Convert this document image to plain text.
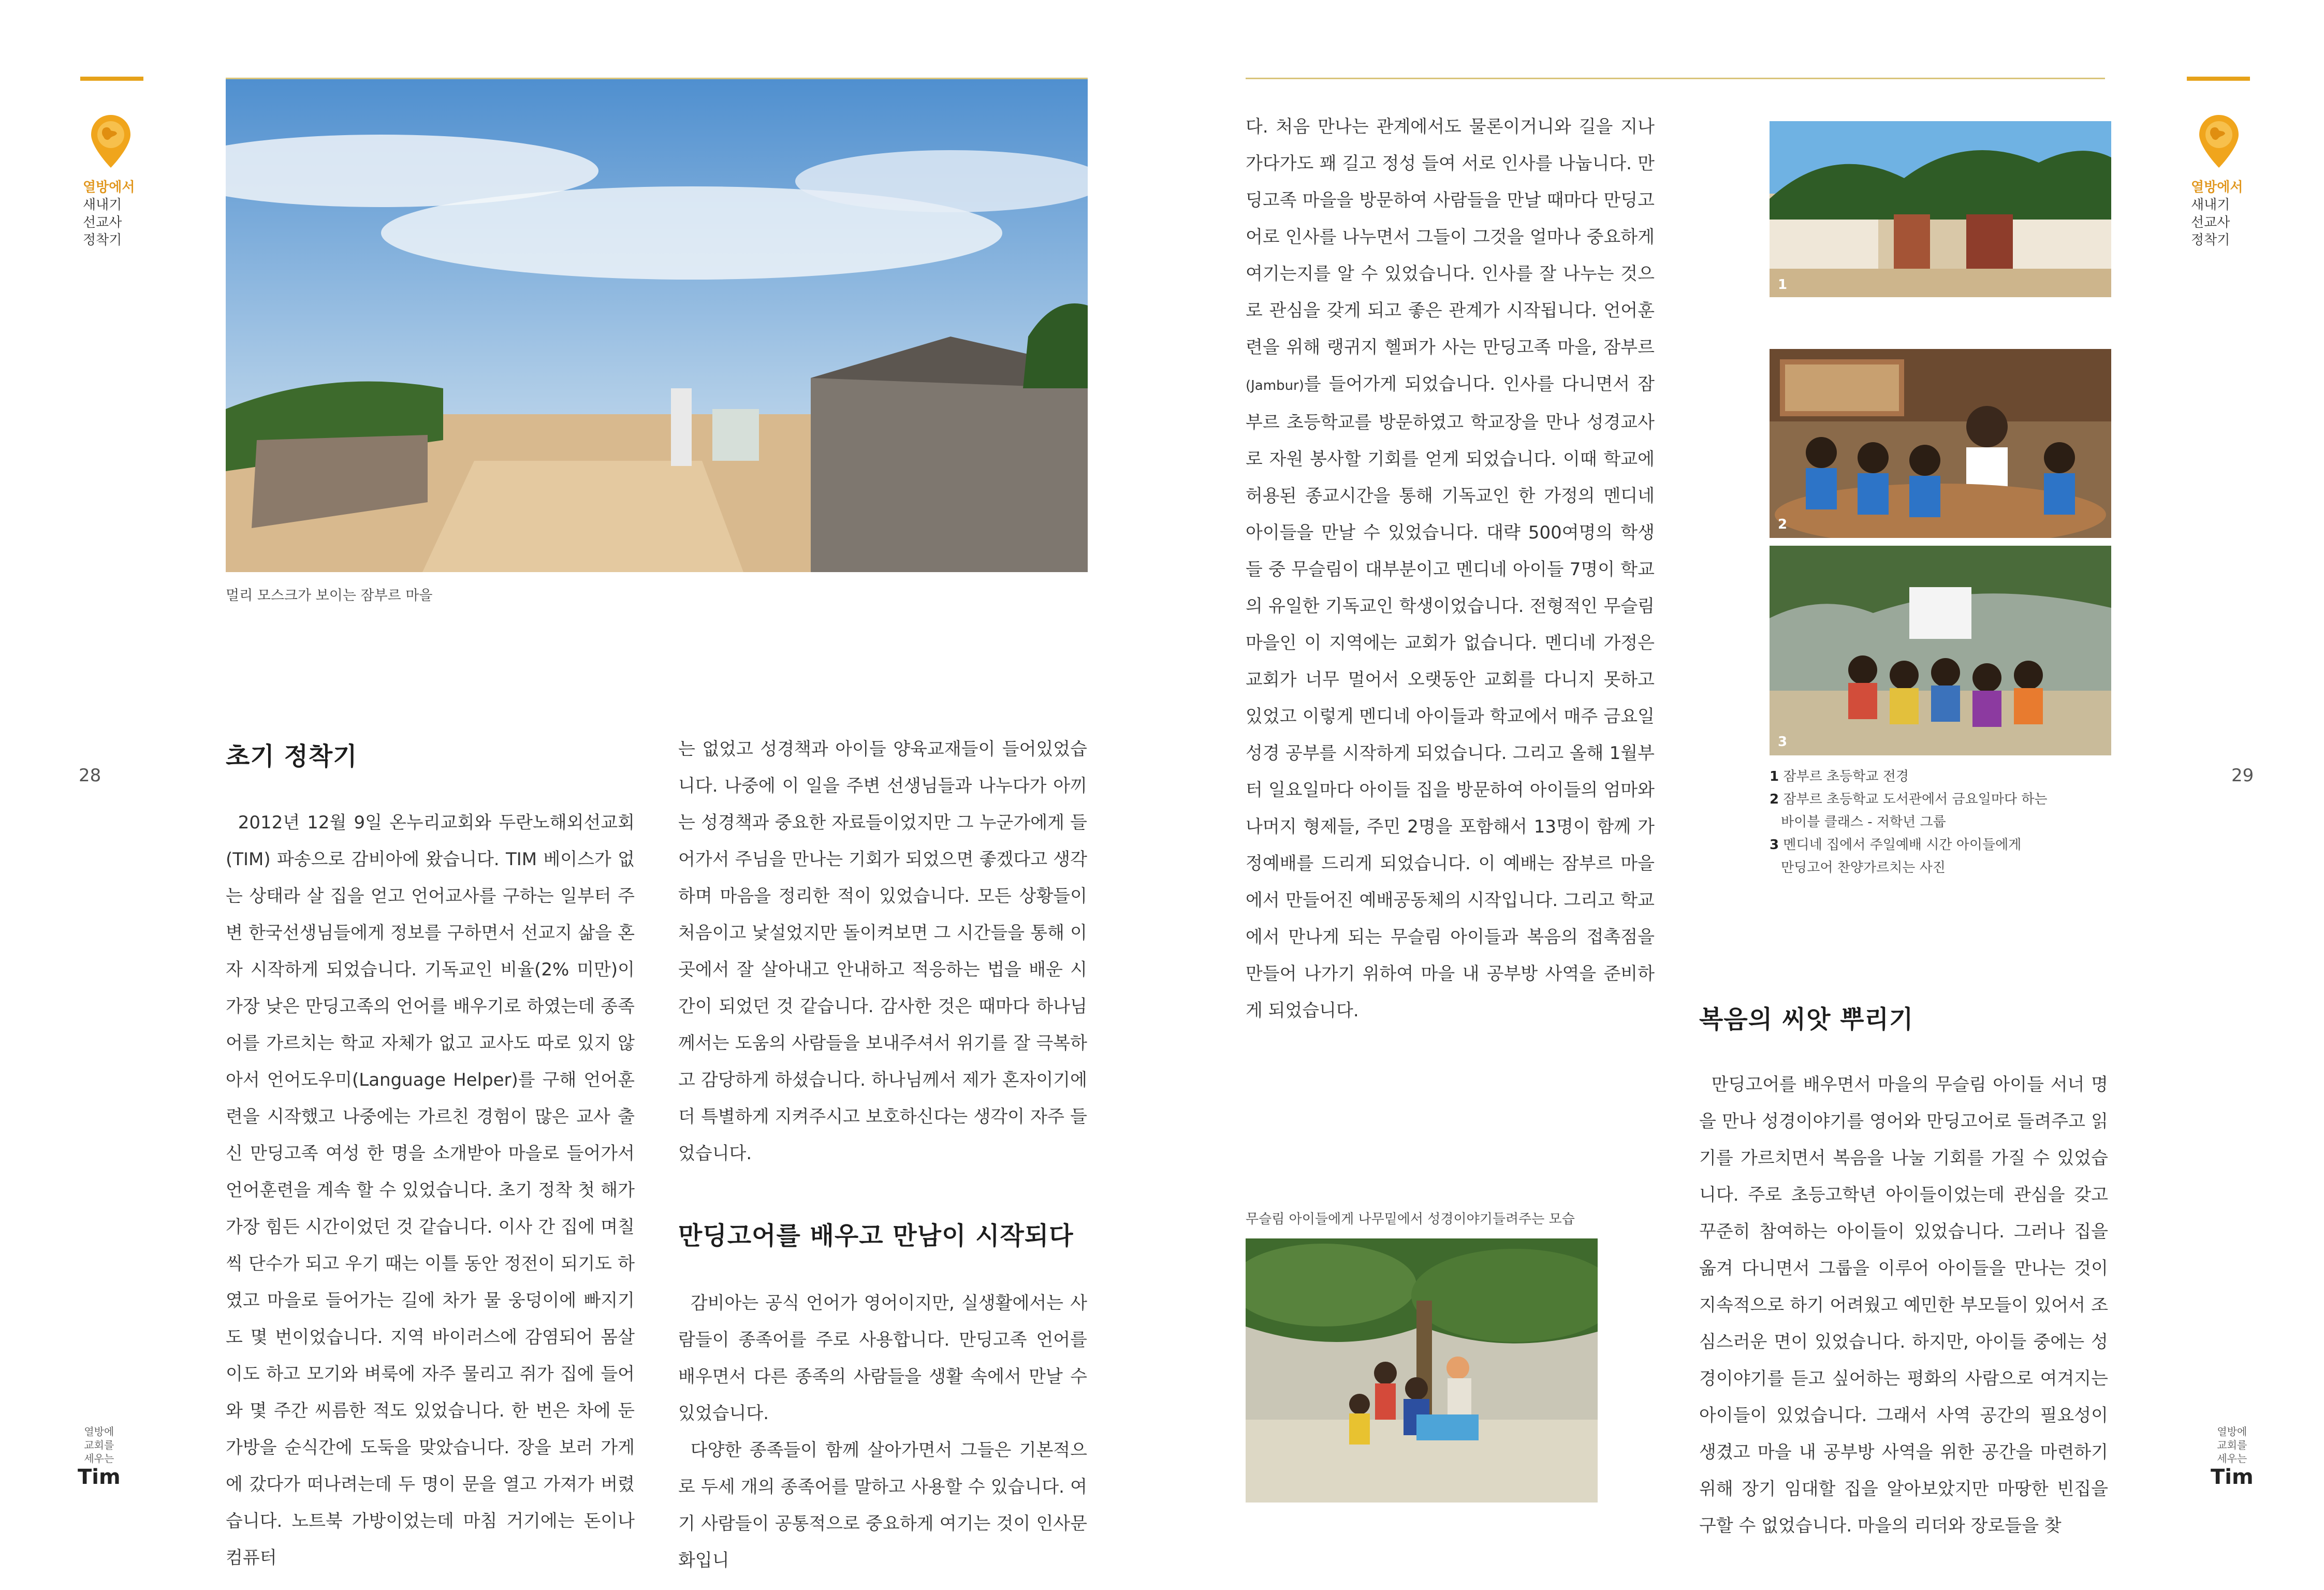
열방에서
새내기
선교사
정착기
28
열방에
교회를
세우는
Tim
멀리 모스크가 보이는 잠부르 마을
초기 정착기

2012년 12월 9일 온누리교회와 두란노해외선교회(TIM) 파송으로 감비아에 왔습니다. TIM 베이스가 없는 상태라 살 집을 얻고 언어교사를 구하는 일부터 주변 한국선생님들에게 정보를 구하면서 선교지 삶을 혼자 시작하게 되었습니다. 기독교인 비율(2% 미만)이 가장 낮은 만딩고족의 언어를 배우기로 하였는데 종족어를 가르치는 학교 자체가 없고 교사도 따로 있지 않아서 언어도우미(Language Helper)를 구해 언어훈련을 시작했고 나중에는 가르친 경험이 많은 교사 출신 만딩고족 여성 한 명을 소개받아 마을로 들어가서 언어훈련을 계속 할 수 있었습니다. 초기 정착 첫 해가 가장 힘든 시간이었던 것 같습니다. 이사 간 집에 며칠 씩 단수가 되고 우기 때는 이틀 동안 정전이 되기도 하였고 마을로 들어가는 길에 차가 물 웅덩이에 빠지기도 몇 번이었습니다. 지역 바이러스에 감염되어 몸살이도 하고 모기와 벼룩에 자주 물리고 쥐가 집에 들어와 몇 주간 씨름한 적도 있었습니다. 한 번은 차에 둔 가방을 순식간에 도둑을 맞았습니다. 장을 보러 가게에 갔다가 떠나려는데 두 명이 문을 열고 가져가 버렸습니다. 노트북 가방이었는데 마침 거기에는 돈이나 컴퓨터

는 없었고 성경책과 아이들 양육교재들이 들어있었습니다. 나중에 이 일을 주변 선생님들과 나누다가 아끼는 성경책과 중요한 자료들이었지만 그 누군가에게 들어가서 주님을 만나는 기회가 되었으면 좋겠다고 생각하며 마음을 정리한 적이 있었습니다. 모든 상황들이 처음이고 낯설었지만 돌이켜보면 그 시간들을 통해 이곳에서 잘 살아내고 안내하고 적응하는 법을 배운 시간이 되었던 것 같습니다. 감사한 것은 때마다 하나님께서는 도움의 사람들을 보내주셔서 위기를 잘 극복하고 감당하게 하셨습니다. 하나님께서 제가 혼자이기에 더 특별하게 지켜주시고 보호하신다는 생각이 자주 들었습니다.

만딩고어를 배우고 만남이 시작되다

감비아는 공식 언어가 영어이지만, 실생활에서는 사람들이 종족어를 주로 사용합니다. 만딩고족 언어를 배우면서 다른 종족의 사람들을 생활 속에서 만날 수 있었습니다.

다양한 종족들이 함께 살아가면서 그들은 기본적으로 두세 개의 종족어를 말하고 사용할 수 있습니다. 여기 사람들이 공통적으로 중요하게 여기는 것이 인사문화입니

열방에서
새내기
선교사
정착기
29
열방에
교회를
세우는
Tim

다. 처음 만나는 관계에서도 물론이거니와 길을 지나가다가도 꽤 길고 정성 들여 서로 인사를 나눕니다. 만딩고족 마을을 방문하여 사람들을 만날 때마다 만딩고어로 인사를 나누면서 그들이 그것을 얼마나 중요하게 여기는지를 알 수 있었습니다. 인사를 잘 나누는 것으로 관심을 갖게 되고 좋은 관계가 시작됩니다. 언어훈련을 위해 랭귀지 헬퍼가 사는 만딩고족 마을, 잠부르(Jambur)를 들어가게 되었습니다. 인사를 다니면서 잠부르 초등학교를 방문하였고 학교장을 만나 성경교사로 자원 봉사할 기회를 얻게 되었습니다. 이때 학교에 허용된 종교시간을 통해 기독교인 한 가정의 멘디네 아이들을 만날 수 있었습니다. 대략 500여명의 학생들 중 무슬림이 대부분이고 멘디네 아이들 7명이 학교의 유일한 기독교인 학생이었습니다. 전형적인 무슬림 마을인 이 지역에는 교회가 없습니다. 멘디네 가정은 교회가 너무 멀어서 오랫동안 교회를 다니지 못하고 있었고 이렇게 멘디네 아이들과 학교에서 매주 금요일 성경 공부를 시작하게 되었습니다. 그리고 올해 1월부터 일요일마다 아이들 집을 방문하여 아이들의 엄마와 나머지 형제들, 주민 2명을 포함해서 13명이 함께 가정예배를 드리게 되었습니다. 이 예배는 잠부르 마을에서 만들어진 예배공동체의 시작입니다. 그리고 학교에서 만나게 되는 무슬림 아이들과 복음의 접촉점을 만들어 나가기 위하여 마을 내 공부방 사역을 준비하게 되었습니다.

무슬림 아이들에게 나무밑에서 성경이야기들려주는 모습
1
2
3
1 잠부르 초등학교 전경
2 잠부르 초등학교 도서관에서 금요일마다 하는
바이블 클래스 - 저학년 그룹
3 멘디네 집에서 주일예배 시간 아이들에게
만딩고어 찬양가르치는 사진
복음의 씨앗 뿌리기

만딩고어를 배우면서 마을의 무슬림 아이들 서너 명을 만나 성경이야기를 영어와 만딩고어로 들려주고 읽기를 가르치면서 복음을 나눌 기회를 가질 수 있었습니다. 주로 초등고학년 아이들이었는데 관심을 갖고 꾸준히 참여하는 아이들이 있었습니다. 그러나 집을 옮겨 다니면서 그룹을 이루어 아이들을 만나는 것이 지속적으로 하기 어려웠고 예민한 부모들이 있어서 조심스러운 면이 있었습니다. 하지만, 아이들 중에는 성경이야기를 듣고 싶어하는 평화의 사람으로 여겨지는 아이들이 있었습니다. 그래서 사역 공간의 필요성이 생겼고 마을 내 공부방 사역을 위한 공간을 마련하기 위해 장기 임대할 집을 알아보았지만 마땅한 빈집을 구할 수 없었습니다. 마을의 리더와 장로들을 찾
